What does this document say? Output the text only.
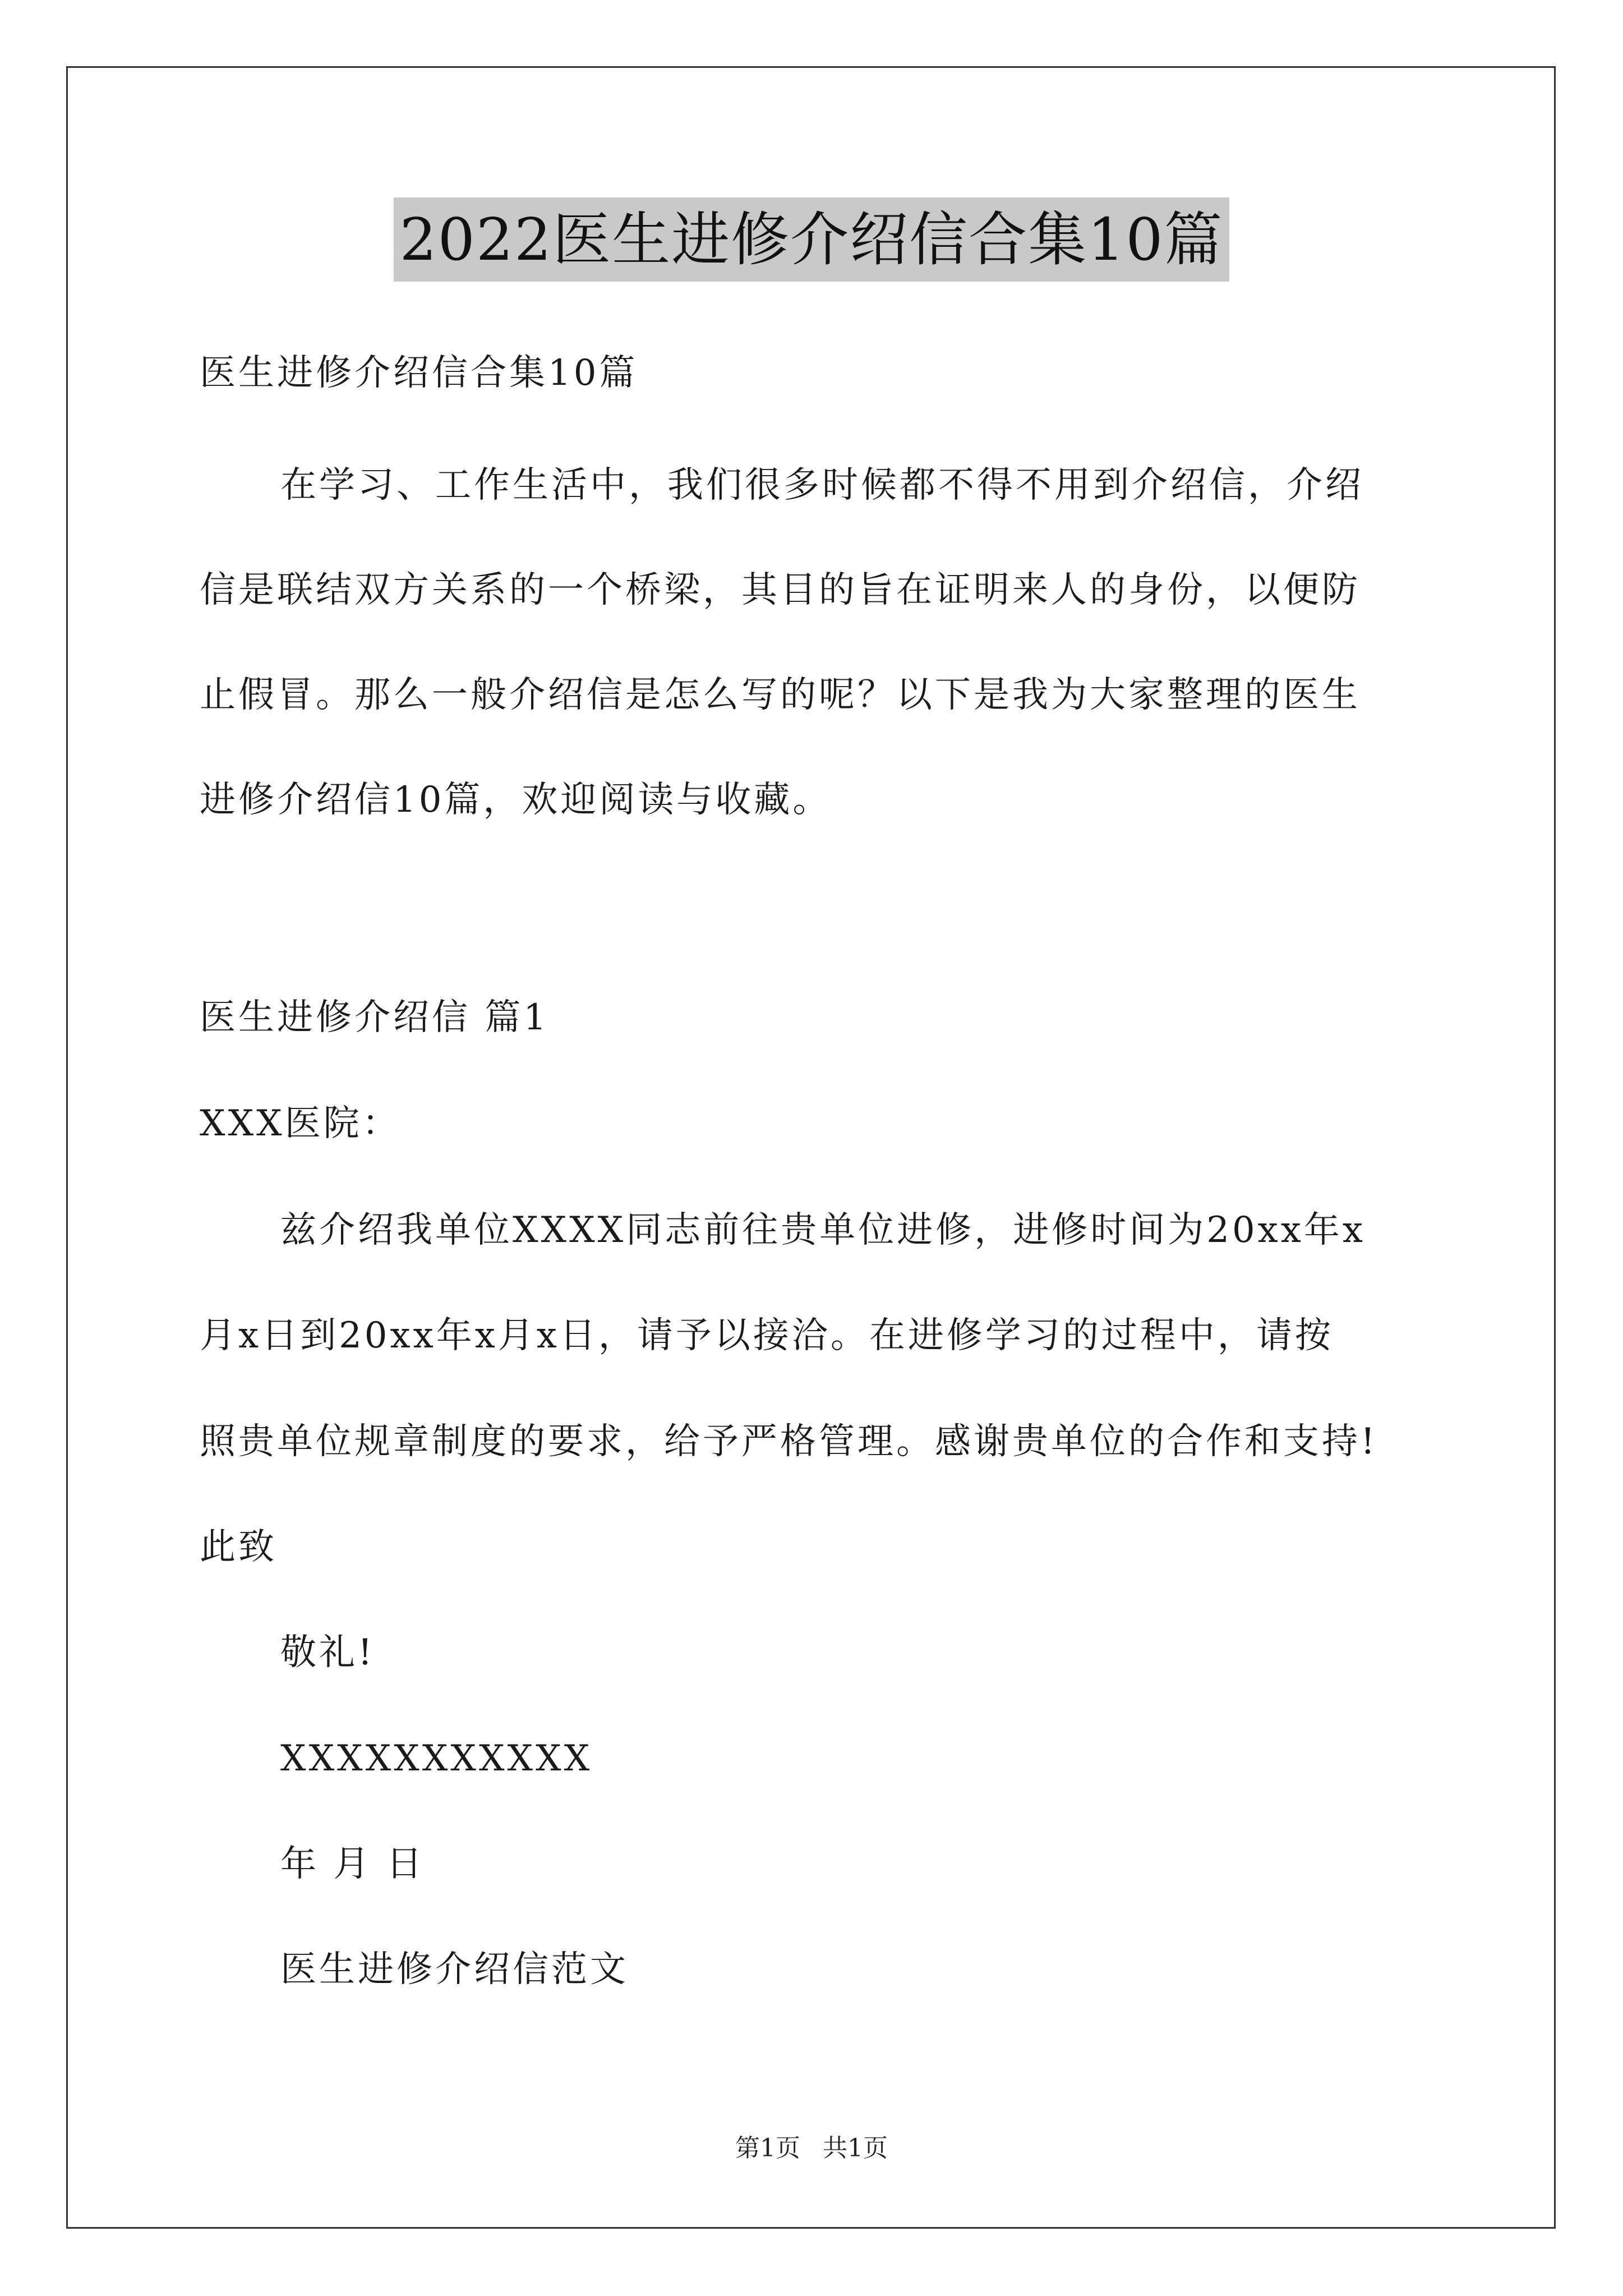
2022医生进修介绍信合集10篇
医生进修介绍信合集10篇
在学习、工作生活中，我们很多时候都不得不用到介绍信，介绍
信是联结双方关系的一个桥梁，其目的旨在证明来人的身份，以便防
止假冒。那么一般介绍信是怎么写的呢？以下是我为大家整理的医生
进修介绍信10篇，欢迎阅读与收藏。
医生进修介绍信 篇1
XXX医院：
兹介绍我单位XXXX同志前往贵单位进修，进修时间为20xx年x
月x日到20xx年x月x日，请予以接洽。在进修学习的过程中，请按
照贵单位规章制度的要求，给予严格管理。感谢贵单位的合作和支持!
此致
敬礼!
XXXXXXXXXXX
年 月 日
医生进修介绍信范文
第1页 共1页
